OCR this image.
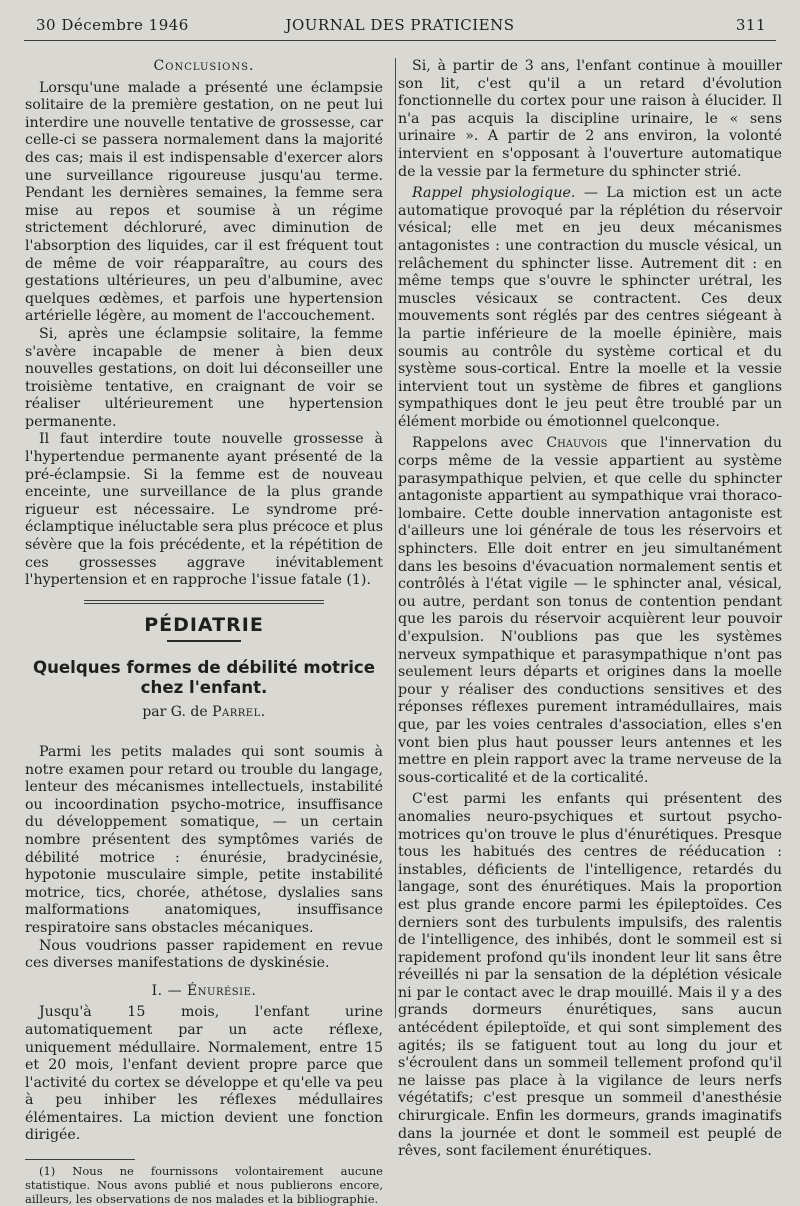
30 Décembre 1946	JOURNAL DES PRATICIENS	311
Conclusions.

Lorsqu'une malade a présenté une éclampsie solitaire de la première gestation, on ne peut lui interdire une nouvelle tentative de grossesse, car celle-ci se passera normalement dans la majorité des cas; mais il est indispensable d'exercer alors une surveillance rigoureuse jusqu'au terme. Pendant les dernières semaines, la femme sera mise au repos et soumise à un régime strictement déchloruré, avec diminution de l'absorption des liquides, car il est fréquent tout de même de voir réapparaître, au cours des gestations ultérieures, un peu d'albumine, avec quelques œdèmes, et parfois une hypertension artérielle légère, au moment de l'accouchement.

Si, après une éclampsie solitaire, la femme s'avère incapable de mener à bien deux nouvelles gestations, on doit lui déconseiller une troisième tentative, en craignant de voir se réaliser ultérieurement une hypertension permanente.

Il faut interdire toute nouvelle grossesse à l'hypertendue permanente ayant présenté de la pré-éclampsie. Si la femme est de nouveau enceinte, une surveillance de la plus grande rigueur est nécessaire. Le syndrome pré-éclamptique inéluctable sera plus précoce et plus sévère que la fois précédente, et la répétition de ces grossesses aggrave inévitablement l'hypertension et en rapproche l'issue fatale (1).

PÉDIATRIE
Quelques formes de débilité motrice chez l'enfant.
par G. de Parrel.

Parmi les petits malades qui sont soumis à notre examen pour retard ou trouble du langage, lenteur des mécanismes intellectuels, instabilité ou incoordination psycho-motrice, insuffisance du développement somatique, — un certain nombre présentent des symptômes variés de débilité motrice : énurésie, bradycinésie, hypotonie musculaire simple, petite instabilité motrice, tics, chorée, athétose, dyslalies sans malformations anatomiques, insuffisance respiratoire sans obstacles mécaniques.

Nous voudrions passer rapidement en revue ces diverses manifestations de dyskinésie.

I. — Énurésie.

Jusqu'à 15 mois, l'enfant urine automatiquement par un acte réflexe, uniquement médullaire. Normalement, entre 15 et 20 mois, l'enfant devient propre parce que l'activité du cortex se développe et qu'elle va peu à peu inhiber les réflexes médullaires élémentaires. La miction devient une fonction dirigée.

(1) Nous ne fournissons volontairement aucune statistique. Nous avons publié et nous publierons encore, ailleurs, les observations de nos malades et la bibliographie.

Si, à partir de 3 ans, l'enfant continue à mouiller son lit, c'est qu'il a un retard d'évolution fonctionnelle du cortex pour une raison à élucider. Il n'a pas acquis la discipline urinaire, le « sens urinaire ». A partir de 2 ans environ, la volonté intervient en s'opposant à l'ouverture automatique de la vessie par la fermeture du sphincter strié.

Rappel physiologique. — La miction est un acte automatique provoqué par la réplétion du réservoir vésical; elle met en jeu deux mécanismes antagonistes : une contraction du muscle vésical, un relâchement du sphincter lisse. Autrement dit : en même temps que s'ouvre le sphincter urétral, les muscles vésicaux se contractent. Ces deux mouvements sont réglés par des centres siégeant à la partie inférieure de la moelle épinière, mais soumis au contrôle du système cortical et du système sous-cortical. Entre la moelle et la vessie intervient tout un système de fibres et ganglions sympathiques dont le jeu peut être troublé par un élément morbide ou émotionnel quelconque.

Rappelons avec Chauvois que l'innervation du corps même de la vessie appartient au système parasympathique pelvien, et que celle du sphincter antagoniste appartient au sympathique vrai thoraco-lombaire. Cette double innervation antagoniste est d'ailleurs une loi générale de tous les réservoirs et sphincters. Elle doit entrer en jeu simultanément dans les besoins d'évacuation normalement sentis et contrôlés à l'état vigile — le sphincter anal, vésical, ou autre, perdant son tonus de contention pendant que les parois du réservoir acquièrent leur pouvoir d'expulsion. N'oublions pas que les systèmes nerveux sympathique et parasympathique n'ont pas seulement leurs départs et origines dans la moelle pour y réaliser des conductions sensitives et des réponses réflexes purement intramédullaires, mais que, par les voies centrales d'association, elles s'en vont bien plus haut pousser leurs antennes et les mettre en plein rapport avec la trame nerveuse de la sous-corticalité et de la corticalité.

C'est parmi les enfants qui présentent des anomalies neuro-psychiques et surtout psycho-motrices qu'on trouve le plus d'énurétiques. Presque tous les habitués des centres de rééducation : instables, déficients de l'intelligence, retardés du langage, sont des énurétiques. Mais la proportion est plus grande encore parmi les épileptoïdes. Ces derniers sont des turbulents impulsifs, des ralentis de l'intelligence, des inhibés, dont le sommeil est si rapidement profond qu'ils inondent leur lit sans être réveillés ni par la sensation de la déplétion vésicale ni par le contact avec le drap mouillé. Mais il y a des grands dormeurs énurétiques, sans aucun antécédent épileptoïde, et qui sont simplement des agités; ils se fatiguent tout au long du jour et s'écroulent dans un sommeil tellement profond qu'il ne laisse pas place à la vigilance de leurs nerfs végétatifs; c'est presque un sommeil d'anesthésie chirurgicale. Enfin les dormeurs, grands imaginatifs dans la journée et dont le sommeil est peuplé de rêves, sont facilement énurétiques.
